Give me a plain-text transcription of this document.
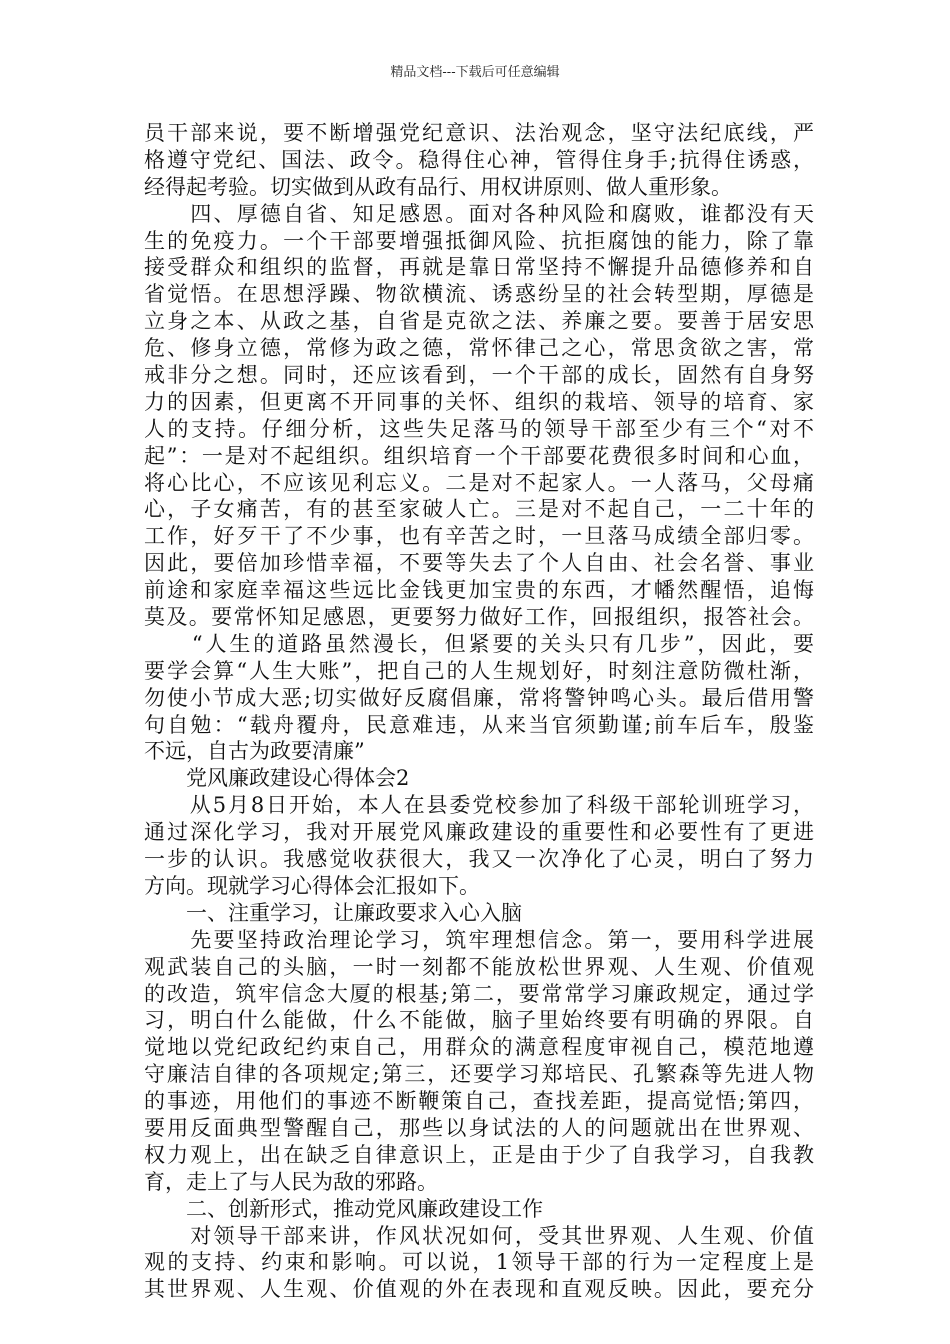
精品文档---下载后可任意编辑
员干部来说，要不断增强党纪意识、法治观念，坚守法纪底线，严
格遵守党纪、国法、政令。稳得住心神，管得住身手;抗得住诱惑，
经得起考验。切实做到从政有品行、用权讲原则、做人重形象。
　　四、厚德自省、知足感恩。面对各种风险和腐败，谁都没有天
生的免疫力。一个干部要增强抵御风险、抗拒腐蚀的能力，除了靠
接受群众和组织的监督，再就是靠日常坚持不懈提升品德修养和自
省觉悟。在思想浮躁、物欲横流、诱惑纷呈的社会转型期，厚德是
立身之本、从政之基，自省是克欲之法、养廉之要。要善于居安思
危、修身立德，常修为政之德，常怀律己之心，常思贪欲之害，常
戒非分之想。同时，还应该看到，一个干部的成长，固然有自身努
力的因素，但更离不开同事的关怀、组织的栽培、领导的培育、家
人的支持。仔细分析，这些失足落马的领导干部至少有三个“对不
起”：一是对不起组织。组织培育一个干部要花费很多时间和心血，
将心比心，不应该见利忘义。二是对不起家人。一人落马，父母痛
心，子女痛苦，有的甚至家破人亡。三是对不起自己，一二十年的
工作，好歹干了不少事，也有辛苦之时，一旦落马成绩全部归零。
因此，要倍加珍惜幸福，不要等失去了个人自由、社会名誉、事业
前途和家庭幸福这些远比金钱更加宝贵的东西，才幡然醒悟，追悔
莫及。要常怀知足感恩，更要努力做好工作，回报组织，报答社会。
　　“人生的道路虽然漫长，但紧要的关头只有几步”，因此，要
要学会算“人生大账”，把自己的人生规划好，时刻注意防微杜渐，
勿使小节成大恶;切实做好反腐倡廉，常将警钟鸣心头。最后借用警
句自勉：“载舟覆舟，民意难违，从来当官须勤谨;前车后车，殷鉴
不远，自古为政要清廉”
　　党风廉政建设心得体会2
　　从5月8日开始，本人在县委党校参加了科级干部轮训班学习，
通过深化学习，我对开展党风廉政建设的重要性和必要性有了更进
一步的认识。我感觉收获很大，我又一次净化了心灵，明白了努力
方向。现就学习心得体会汇报如下。
　　一、注重学习，让廉政要求入心入脑
　　先要坚持政治理论学习，筑牢理想信念。第一，要用科学进展
观武装自己的头脑，一时一刻都不能放松世界观、人生观、价值观
的改造，筑牢信念大厦的根基;第二，要常常学习廉政规定，通过学
习，明白什么能做，什么不能做，脑子里始终要有明确的界限。自
觉地以党纪政纪约束自己，用群众的满意程度审视自己，模范地遵
守廉洁自律的各项规定;第三，还要学习郑培民、孔繁森等先进人物
的事迹，用他们的事迹不断鞭策自己，查找差距，提高觉悟;第四，
要用反面典型警醒自己，那些以身试法的人的问题就出在世界观、
权力观上，出在缺乏自律意识上，正是由于少了自我学习，自我教
育，走上了与人民为敌的邪路。
　　二、创新形式，推动党风廉政建设工作
　　对领导干部来讲，作风状况如何，受其世界观、人生观、价值
观的支持、约束和影响。可以说，1领导干部的行为一定程度上是
其世界观、人生观、价值观的外在表现和直观反映。因此，要充分
